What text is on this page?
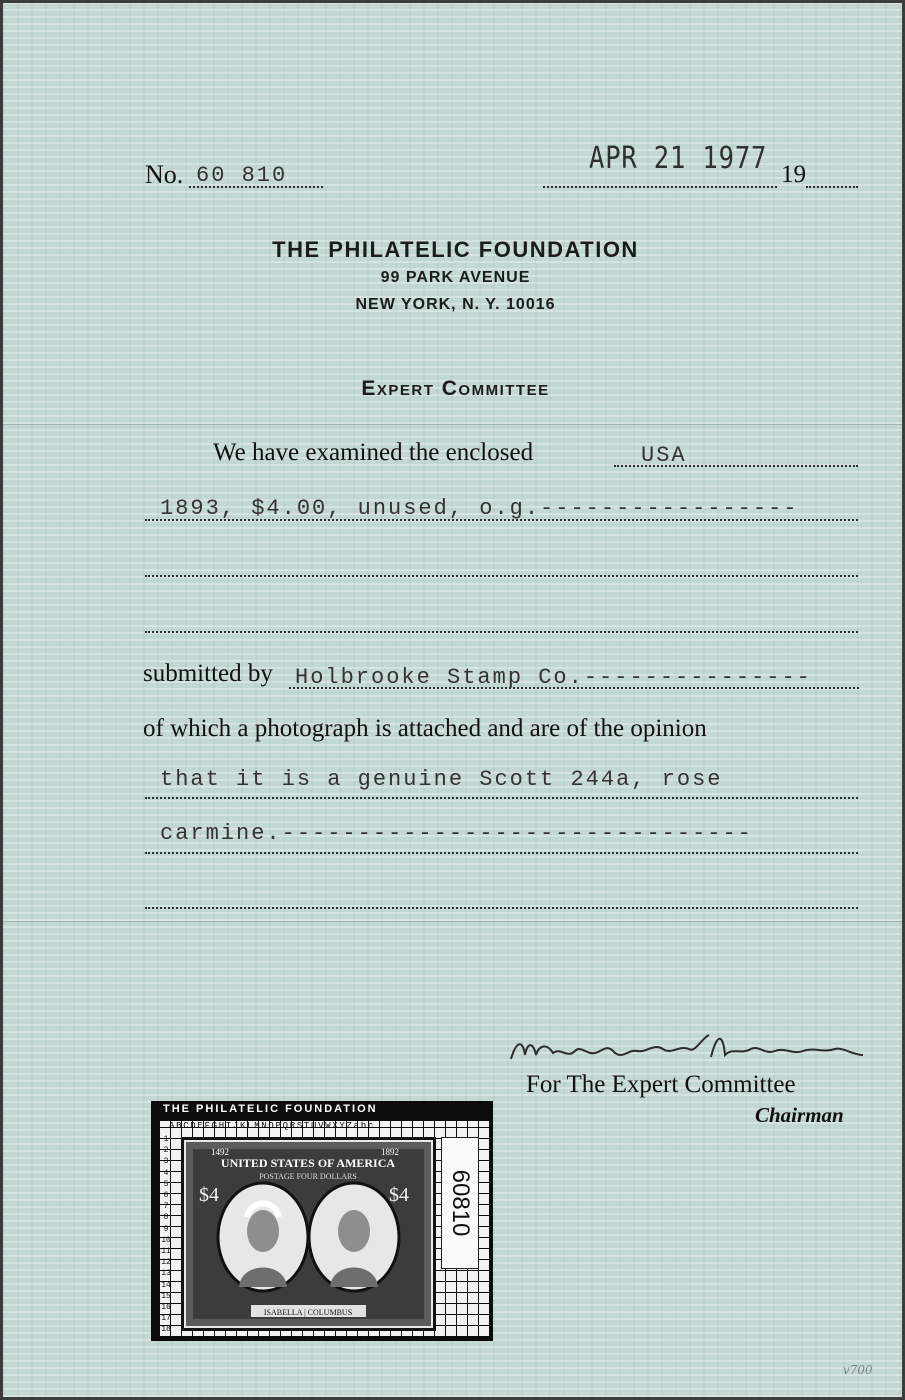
No. 60 810	APR 21 1977 19
THE PHILATELIC FOUNDATION
99 PARK AVENUE
NEW YORK, N. Y. 10016
Expert Committee
We have examined the enclosed	USA
1893, $4.00, unused, o.g.-----------------
submitted by Holbrooke Stamp Co.---------------
of which a photograph is attached and are of the opinion
that it is a genuine Scott 244a, rose
carmine.-------------------------------
For The Expert Committee
Chairman
THE PHILATELIC FOUNDATION
ABCDEFGHIJKLMNOPQRSTUVWXYZabc
1
2
3
4
5
6
7
8
9
10
11
12
13
14
15
16
17
18
$4	$4
1492	1892
UNITED STATES OF AMERICA
POSTAGE FOUR DOLLARS
ISABELLA | COLUMBUS
60810
v700
